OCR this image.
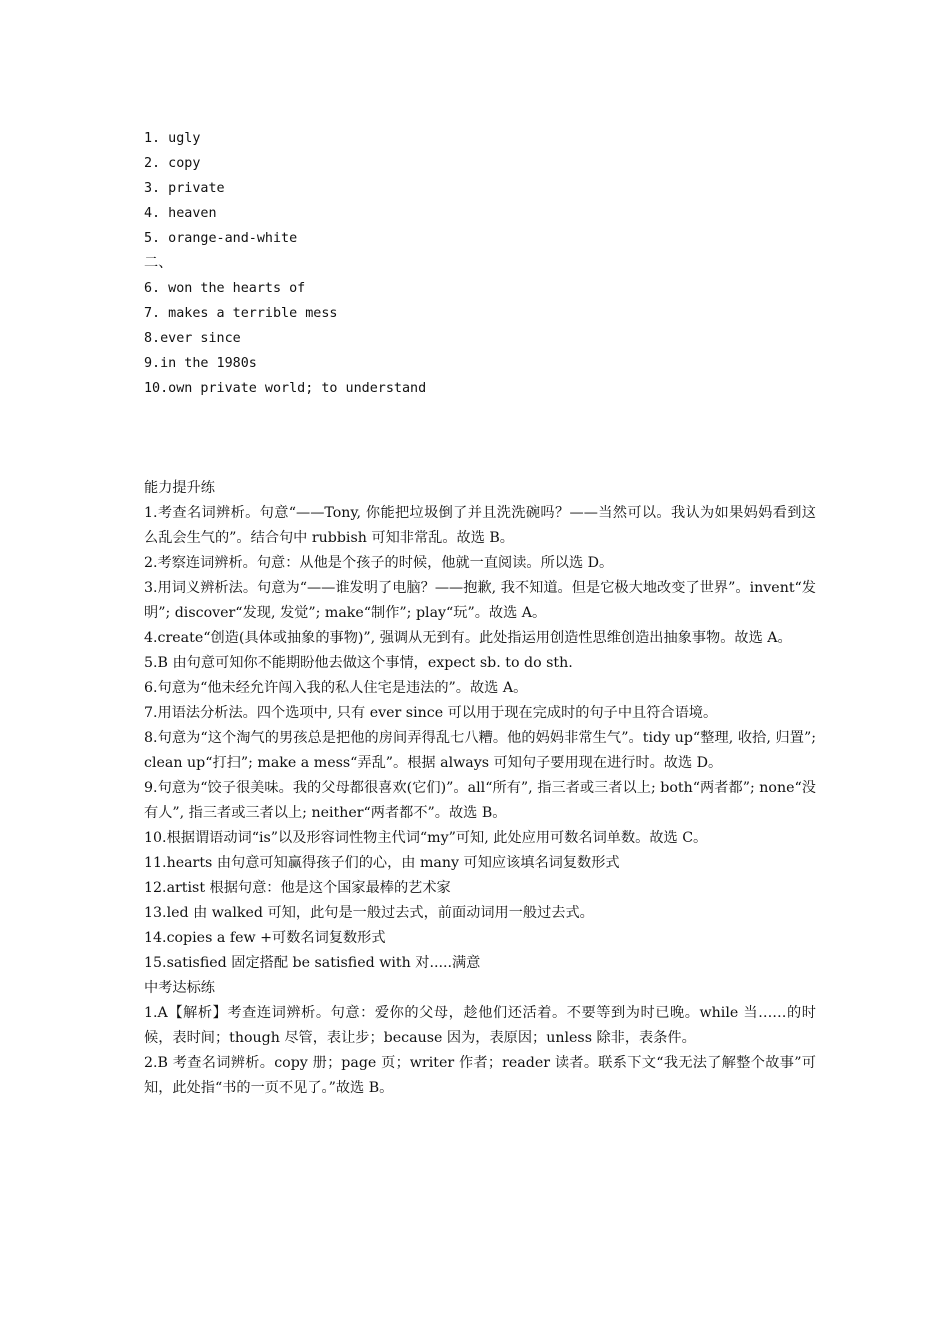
1. ugly

2. copy

3. private

4. heaven

5. orange-and-white

二、

6. won the hearts of

7. makes a terrible mess

8.ever since

9.in the 1980s

10.own private world; to understand

能力提升练

1.考查名词辨析。句意“——Tony, 你能把垃圾倒了并且洗洗碗吗？——当然可以。我认为如果妈妈看到这么乱会生气的”。结合句中 rubbish 可知非常乱。故选 B。

2.考察连词辨析。句意：从他是个孩子的时候，他就一直阅读。所以选 D。

3.用词义辨析法。句意为“——谁发明了电脑？——抱歉, 我不知道。但是它极大地改变了世界”。invent“发明”; discover“发现, 发觉”; make“制作”; play“玩”。故选 A。

4.create“创造(具体或抽象的事物)”, 强调从无到有。此处指运用创造性思维创造出抽象事物。故选 A。

5.B 由句意可知你不能期盼他去做这个事情，expect sb. to do sth.

6.句意为“他未经允许闯入我的私人住宅是违法的”。故选 A。

7.用语法分析法。四个选项中, 只有 ever since 可以用于现在完成时的句子中且符合语境。

8.句意为“这个淘气的男孩总是把他的房间弄得乱七八糟。他的妈妈非常生气”。tidy up“整理, 收拾, 归置”; clean up“打扫”; make a mess“弄乱”。根据 always 可知句子要用现在进行时。故选 D。

9.句意为“饺子很美味。我的父母都很喜欢(它们)”。all“所有”, 指三者或三者以上; both“两者都”; none“没有人”, 指三者或三者以上; neither“两者都不”。故选 B。

10.根据谓语动词“is”以及形容词性物主代词“my”可知, 此处应用可数名词单数。故选 C。

11.hearts 由句意可知赢得孩子们的心，由 many 可知应该填名词复数形式

12.artist 根据句意：他是这个国家最棒的艺术家

13.led 由 walked 可知，此句是一般过去式，前面动词用一般过去式。

14.copies a few +可数名词复数形式

15.satisfied 固定搭配 be satisfied with 对.....满意

中考达标练

1.A【解析】考查连词辨析。句意：爱你的父母，趁他们还活着。不要等到为时已晚。while 当……的时候，表时间；though 尽管，表让步；because 因为，表原因；unless 除非，表条件。

2.B 考查名词辨析。copy 册；page 页；writer 作者；reader 读者。联系下文“我无法了解整个故事”可知，此处指“书的一页不见了。”故选 B。
